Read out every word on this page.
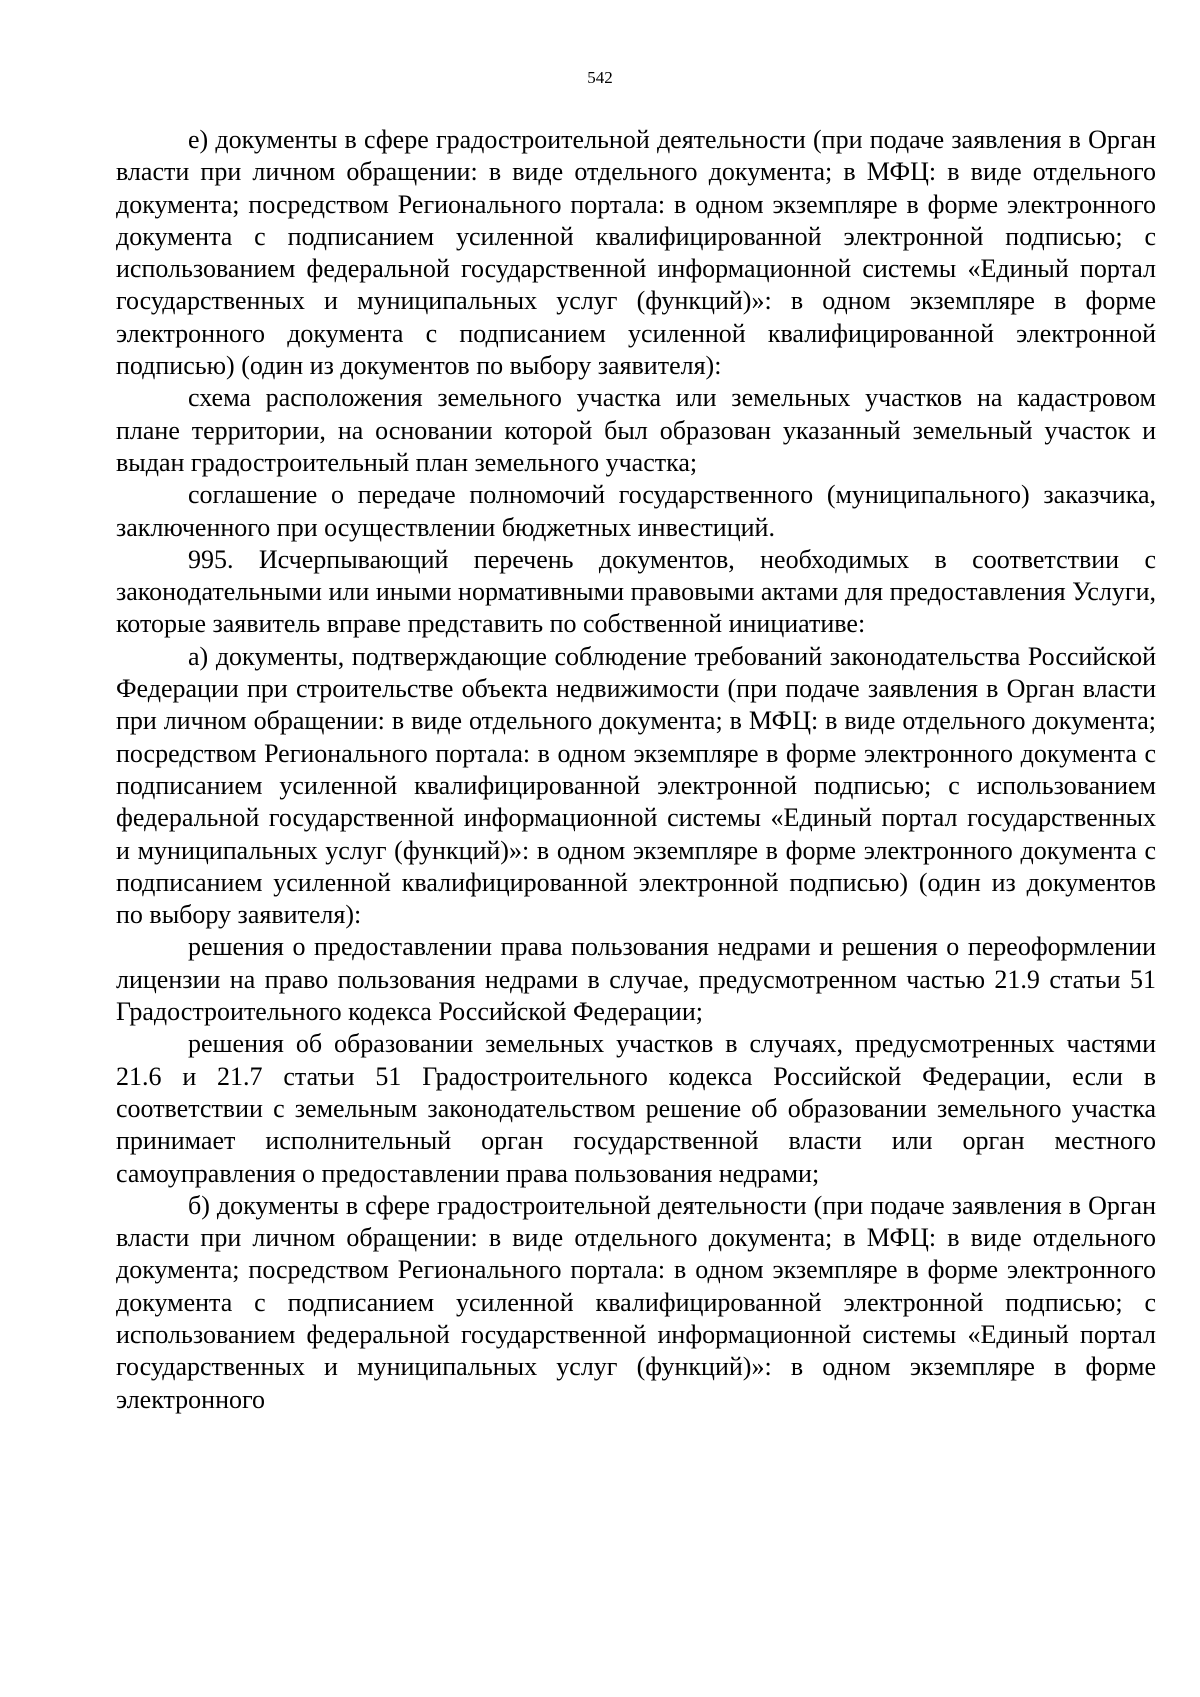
542

е) документы в сфере градостроительной деятельности (при подаче заявления в Орган власти при личном обращении: в виде отдельного документа; в МФЦ: в виде отдельного документа; посредством Регионального портала: в одном экземпляре в форме электронного документа с подписанием усиленной квалифицированной электронной подписью; с использованием федеральной государственной информационной системы «Единый портал государственных и муниципальных услуг (функций)»: в одном экземпляре в форме электронного документа с подписанием усиленной квалифицированной электронной подписью) (один из документов по выбору заявителя):

схема расположения земельного участка или земельных участков на кадастровом плане территории, на основании которой был образован указанный земельный участок и выдан градостроительный план земельного участка;

соглашение о передаче полномочий государственного (муниципального) заказчика, заключенного при осуществлении бюджетных инвестиций.

995. Исчерпывающий перечень документов, необходимых в соответствии с законодательными или иными нормативными правовыми актами для предоставления Услуги, которые заявитель вправе представить по собственной инициативе:

а) документы, подтверждающие соблюдение требований законодательства Российской Федерации при строительстве объекта недвижимости (при подаче заявления в Орган власти при личном обращении: в виде отдельного документа; в МФЦ: в виде отдельного документа; посредством Регионального портала: в одном экземпляре в форме электронного документа с подписанием усиленной квалифицированной электронной подписью; с использованием федеральной государственной информационной системы «Единый портал государственных и муниципальных услуг (функций)»: в одном экземпляре в форме электронного документа с подписанием усиленной квалифицированной электронной подписью) (один из документов по выбору заявителя):

решения о предоставлении права пользования недрами и решения о переоформлении лицензии на право пользования недрами в случае, предусмотренном частью 21.9 статьи 51 Градостроительного кодекса Российской Федерации;

решения об образовании земельных участков в случаях, предусмотренных частями 21.6 и 21.7 статьи 51 Градостроительного кодекса Российской Федерации, если в соответствии с земельным законодательством решение об образовании земельного участка принимает исполнительный орган государственной власти или орган местного самоуправления о предоставлении права пользования недрами;

б) документы в сфере градостроительной деятельности (при подаче заявления в Орган власти при личном обращении: в виде отдельного документа; в МФЦ: в виде отдельного документа; посредством Регионального портала: в одном экземпляре в форме электронного документа с подписанием усиленной квалифицированной электронной подписью; с использованием федеральной государственной информационной системы «Единый портал государственных и муниципальных услуг (функций)»: в одном экземпляре в форме электронного
